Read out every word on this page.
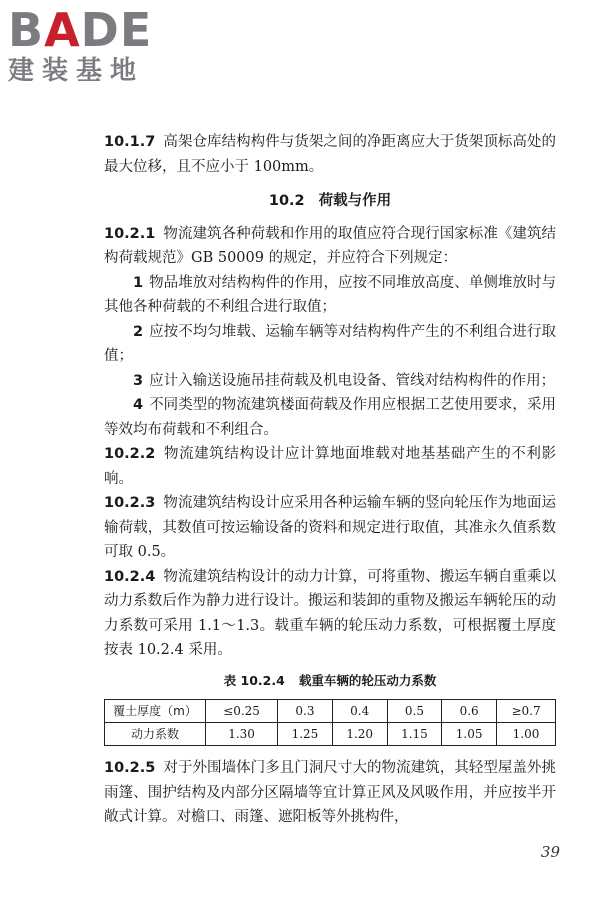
BADE
建装基地

10.1.7 高架仓库结构构件与货架之间的净距离应大于货架顶标高处的最大位移，且不应小于 100mm。

10.2 荷载与作用

10.2.1 物流建筑各种荷载和作用的取值应符合现行国家标准《建筑结构荷载规范》GB 50009 的规定，并应符合下列规定：

1 物品堆放对结构构件的作用，应按不同堆放高度、单侧堆放时与其他各种荷载的不利组合进行取值；

2 应按不均匀堆载、运输车辆等对结构构件产生的不利组合进行取值；

3 应计入输送设施吊挂荷载及机电设备、管线对结构构件的作用；

4 不同类型的物流建筑楼面荷载及作用应根据工艺使用要求，采用等效均布荷载和不利组合。

10.2.2 物流建筑结构设计应计算地面堆载对地基基础产生的不利影响。

10.2.3 物流建筑结构设计应采用各种运输车辆的竖向轮压作为地面运输荷载，其数值可按运输设备的资料和规定进行取值，其准永久值系数可取 0.5。

10.2.4 物流建筑结构设计的动力计算，可将重物、搬运车辆自重乘以动力系数后作为静力进行设计。搬运和装卸的重物及搬运车辆轮压的动力系数可采用 1.1～1.3。载重车辆的轮压动力系数，可根据覆土厚度按表 10.2.4 采用。

表 10.2.4 载重车辆的轮压动力系数
覆土厚度（m）	≤0.25	0.3	0.4	0.5	0.6	≥0.7
动力系数	1.30	1.25	1.20	1.15	1.05	1.00

10.2.5 对于外围墙体门多且门洞尺寸大的物流建筑，其轻型屋盖外挑雨篷、围护结构及内部分区隔墙等宜计算正风及风吸作用，并应按半开敞式计算。对檐口、雨篷、遮阳板等外挑构件，

39
